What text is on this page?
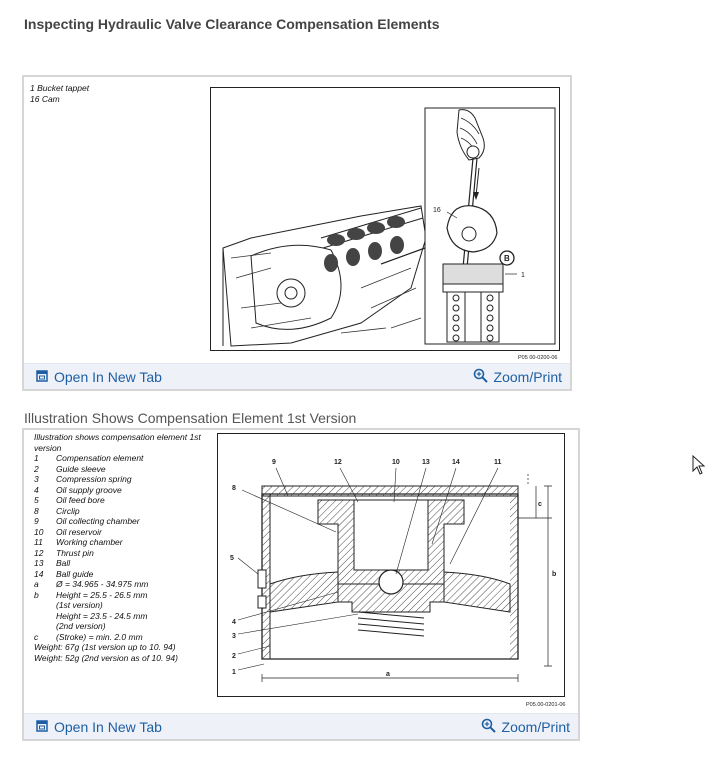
Inspecting Hydraulic Valve Clearance Compensation Elements
1 Bucket tappet
16 Cam
B
16
1
P05 00-0200-06
Open In New Tab	Zoom/Print
Illustration Shows Compensation Element 1st Version
Illustration shows compensation element 1st version
1 Compensation element
2 Guide sleeve
3 Compression spring
4 Oil supply groove
5 Oil feed bore
8 Circlip
9 Oil collecting chamber
10 Oil reservoir
11 Working chamber
12 Thrust pin
13 Ball
14 Ball guide
a Ø = 34.965 - 34.975 mm
b Height = 25.5 - 26.5 mm
(1st version)
Height = 23.5 - 24.5 mm
(2nd version)
c (Stroke) = min. 2.0 mm
Weight: 67g (1st version up to 10. 94)
Weight: 52g (2nd version as of 10. 94)
9	12	10	13	14	11
8
5
4
3
2
1	a
b
c
P05.00-0201-06
Open In New Tab	Zoom/Print
